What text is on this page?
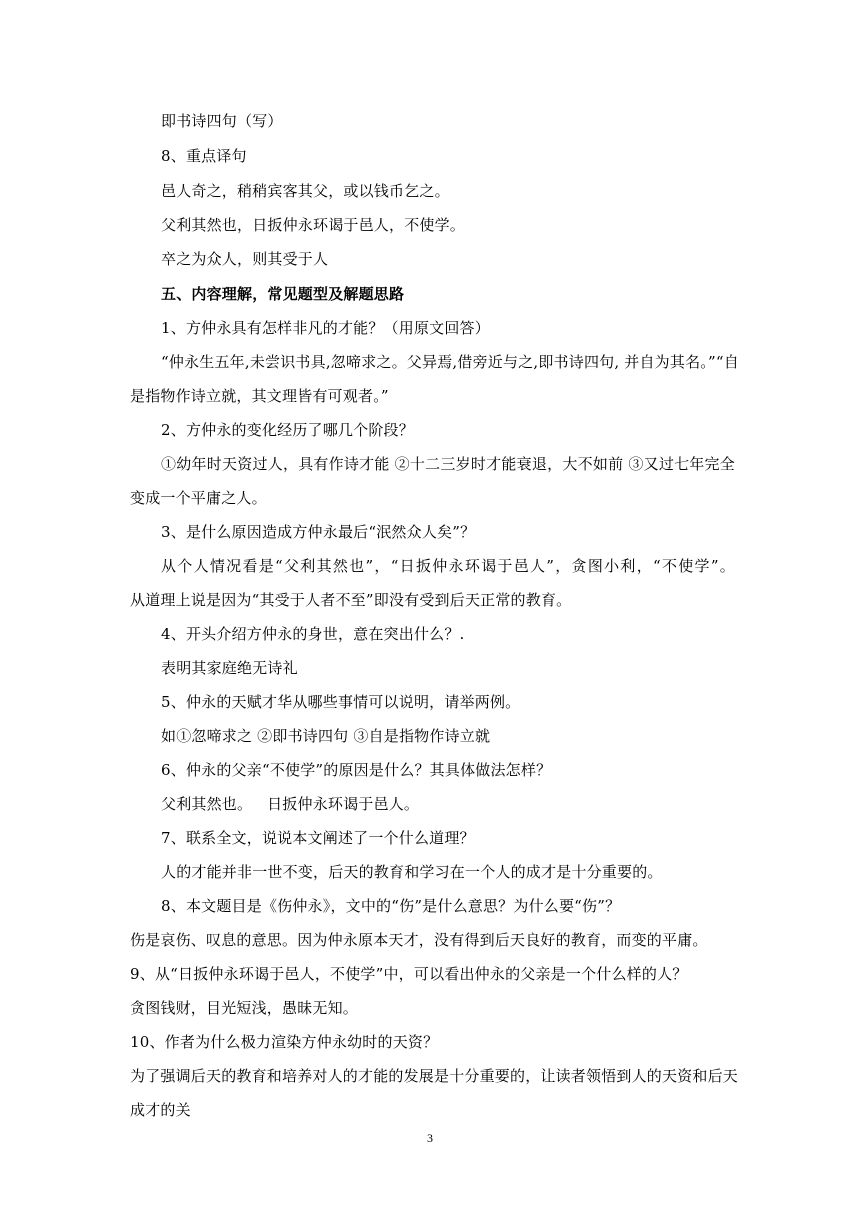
即书诗四句（写）
8、重点译句
邑人奇之，稍稍宾客其父，或以钱币乞之。
父利其然也，日扳仲永环谒于邑人，不使学。
卒之为众人，则其受于人
五、内容理解，常见题型及解题思路
1、方仲永具有怎样非凡的才能？（用原文回答）
“仲永生五年,未尝识书具,忽啼求之。父异焉,借旁近与之,即书诗四句, 并自为其名。”“自
是指物作诗立就，其文理皆有可观者。”
2、方仲永的变化经历了哪几个阶段？
①幼年时天资过人，具有作诗才能 ②十二三岁时才能衰退，大不如前 ③又过七年完全
变成一个平庸之人。
3、是什么原因造成方仲永最后“泯然众人矣”？
从个人情况看是“父利其然也”，“日扳仲永环谒于邑人”，贪图小利，“不使学”。
从道理上说是因为“其受于人者不至”即没有受到后天正常的教育。
4、开头介绍方仲永的身世，意在突出什么？.
表明其家庭绝无诗礼
5、仲永的天赋才华从哪些事情可以说明，请举两例。
如①忽啼求之 ②即书诗四句 ③自是指物作诗立就
6、仲永的父亲“不使学”的原因是什么？其具体做法怎样？
父利其然也。   日扳仲永环谒于邑人。
7、联系全文，说说本文阐述了一个什么道理？
人的才能并非一世不变，后天的教育和学习在一个人的成才是十分重要的。
8、本文题目是《伤仲永》，文中的“伤”是什么意思？为什么要“伤”？
伤是哀伤、叹息的意思。因为仲永原本天才，没有得到后天良好的教育，而变的平庸。
9、从“日扳仲永环谒于邑人，不使学”中，可以看出仲永的父亲是一个什么样的人？
贪图钱财，目光短浅，愚昧无知。
10、作者为什么极力渲染方仲永幼时的天资？
为了强调后天的教育和培养对人的才能的发展是十分重要的，让读者领悟到人的天资和后天
成才的关
3
